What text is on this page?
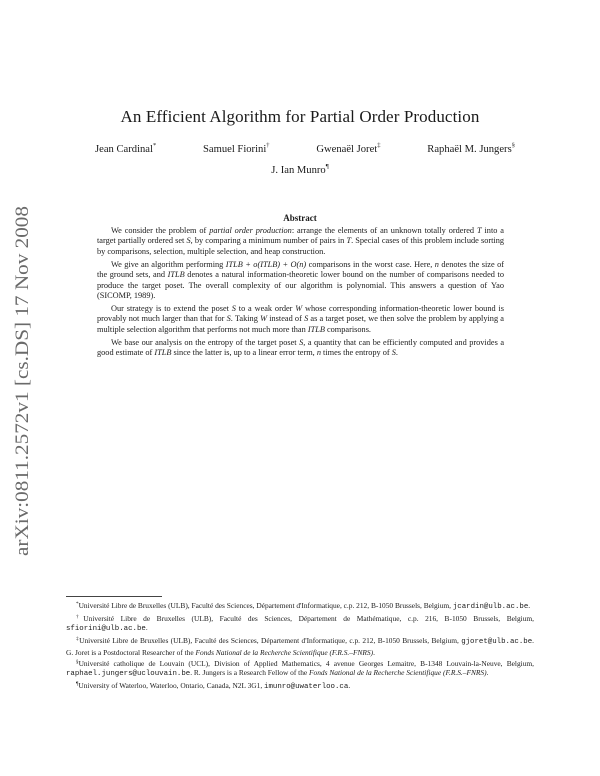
arXiv:0811.2572v1 [cs.DS] 17 Nov 2008
An Efficient Algorithm for Partial Order Production
Jean Cardinal*	Samuel Fiorini†	Gwenaël Joret‡	Raphaël M. Jungers§
J. Ian Munro¶
Abstract

We consider the problem of partial order production: arrange the elements of an unknown totally ordered T into a target partially ordered set S, by comparing a minimum number of pairs in T. Special cases of this problem include sorting by comparisons, selection, multiple selection, and heap construction.

We give an algorithm performing ITLB + o(ITLB) + O(n) comparisons in the worst case. Here, n denotes the size of the ground sets, and ITLB denotes a natural information-theoretic lower bound on the number of comparisons needed to produce the target poset. The overall complexity of our algorithm is polynomial. This answers a question of Yao (SICOMP, 1989).

Our strategy is to extend the poset S to a weak order W whose corresponding information-theoretic lower bound is provably not much larger than that for S. Taking W instead of S as a target poset, we then solve the problem by applying a multiple selection algorithm that performs not much more than ITLB comparisons.

We base our analysis on the entropy of the target poset S, a quantity that can be efficiently computed and provides a good estimate of ITLB since the latter is, up to a linear error term, n times the entropy of S.

*Université Libre de Bruxelles (ULB), Faculté des Sciences, Département d'Informatique, c.p. 212, B-1050 Brussels, Belgium, jcardin@ulb.ac.be.
†Université Libre de Bruxelles (ULB), Faculté des Sciences, Département de Mathématique, c.p. 216, B-1050 Brussels, Belgium, sfiorini@ulb.ac.be.
‡Université Libre de Bruxelles (ULB), Faculté des Sciences, Département d'Informatique, c.p. 212, B-1050 Brussels, Belgium, gjoret@ulb.ac.be. G. Joret is a Postdoctoral Researcher of the Fonds National de la Recherche Scientifique (F.R.S.–FNRS).
§Université catholique de Louvain (UCL), Division of Applied Mathematics, 4 avenue Georges Lemaitre, B-1348 Louvain-la-Neuve, Belgium, raphael.jungers@uclouvain.be. R. Jungers is a Research Fellow of the Fonds National de la Recherche Scientifique (F.R.S.–FNRS).
¶University of Waterloo, Waterloo, Ontario, Canada, N2L 3G1, imunro@uwaterloo.ca.
